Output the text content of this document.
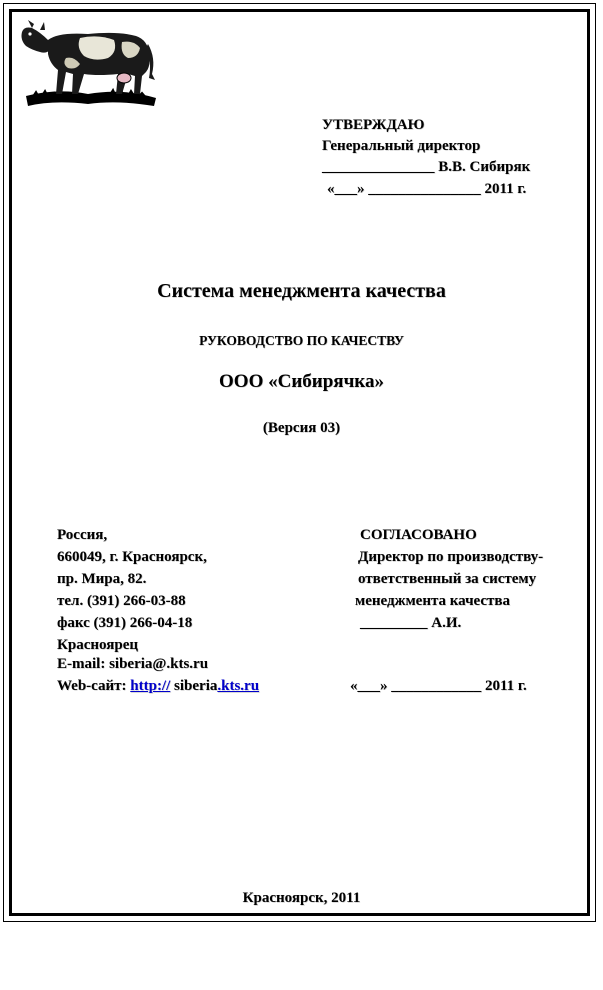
УТВЕРЖДАЮ
Генеральный директор
_______________ В.В. Сибиряк
«___» _______________ 2011 г.
Система менеджмента качества
РУКОВОДСТВО ПО КАЧЕСТВУ
ООО «Сибирячка»
(Версия 03)
Россия,
660049, г. Красноярск,
пр. Мира, 82.
тел. (391) 266-03-88
факс (391) 266-04-18
Красноярец
E-mail: siberia@.kts.ru
Web-сайт: http:// siberia.kts.ru
СОГЛАСОВАНО
Директор по производству-
ответственный за систему
менеджмента качества
_________ А.И.
«___» ____________ 2011 г.
Красноярск, 2011
